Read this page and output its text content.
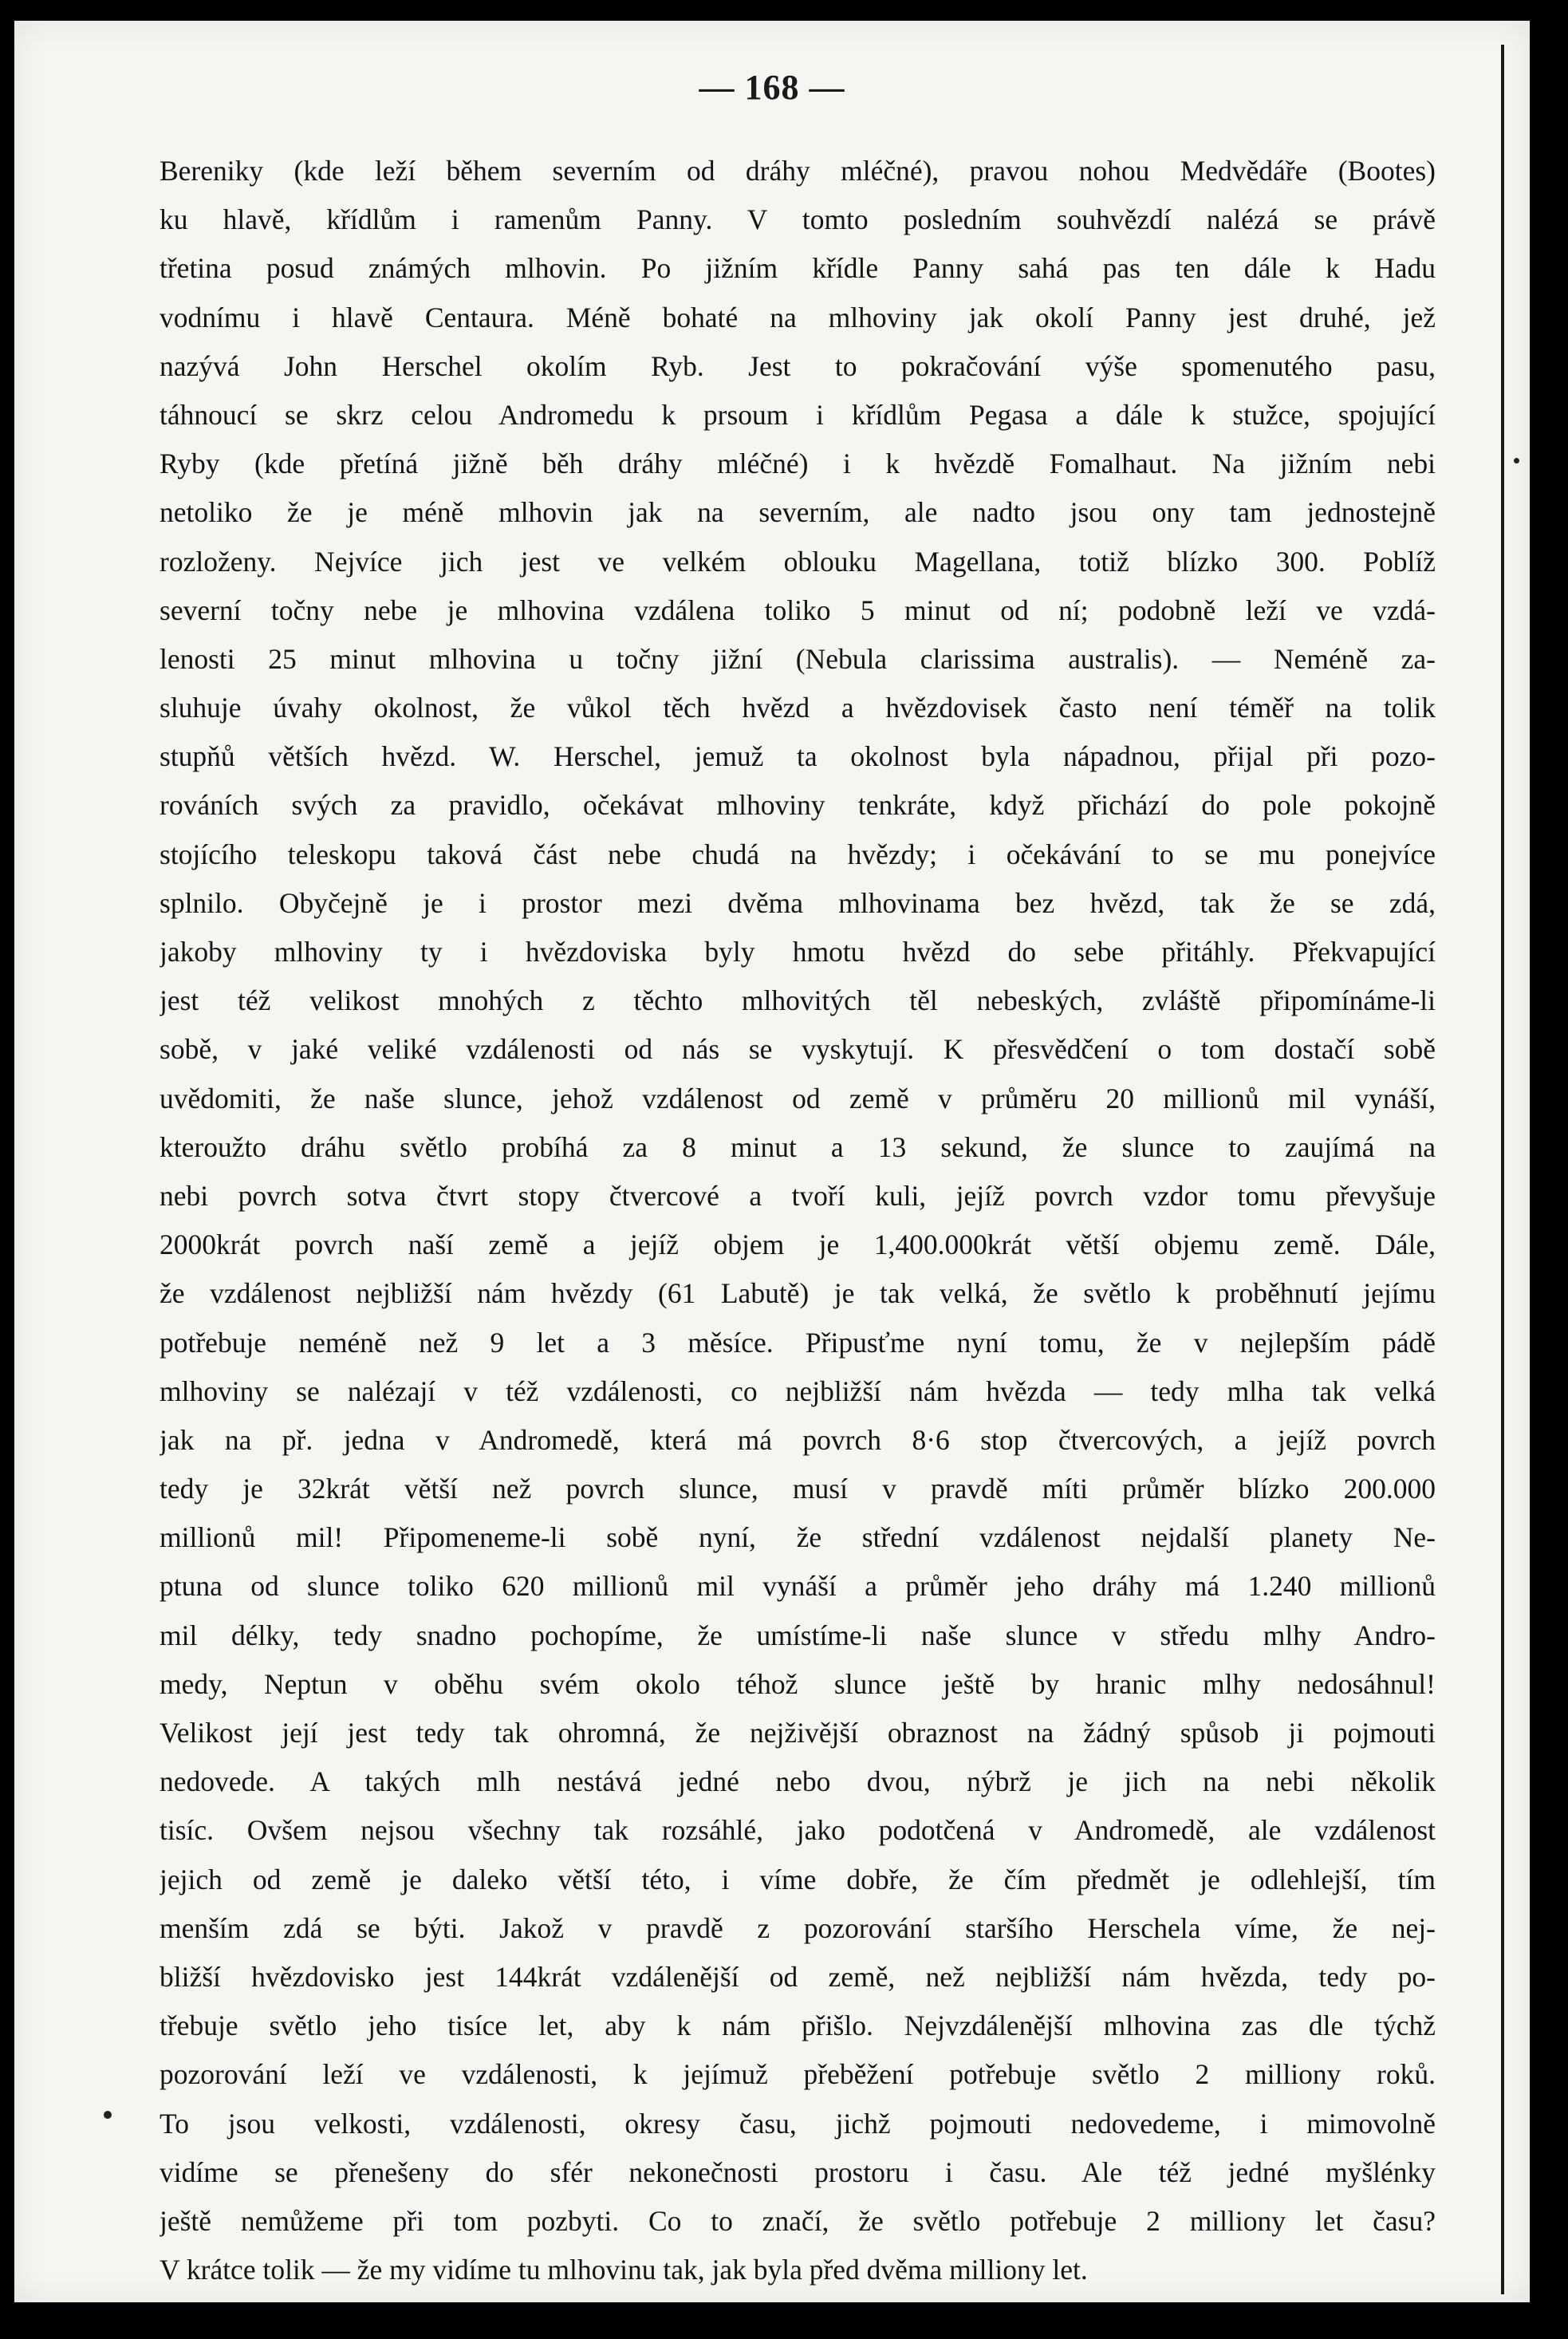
— 168 —
Bereniky (kde leží během severním od dráhy mléčné), pravou nohou Medvědáře (Bootes)
ku hlavě, křídlům i ramenům Panny. V tomto posledním souhvězdí nalézá se právě
třetina posud známých mlhovin. Po jižním křídle Panny sahá pas ten dále k Hadu
vodnímu i hlavě Centaura. Méně bohaté na mlhoviny jak okolí Panny jest druhé, jež
nazývá John Herschel okolím Ryb. Jest to pokračování výše spomenutého pasu,
táhnoucí se skrz celou Andromedu k prsoum i křídlům Pegasa a dále k stužce, spojující
Ryby (kde přetíná jižně běh dráhy mléčné) i k hvězdě Fomalhaut. Na jižním nebi
netoliko že je méně mlhovin jak na severním, ale nadto jsou ony tam jednostejně
rozloženy. Nejvíce jich jest ve velkém oblouku Magellana, totiž blízko 300. Poblíž
severní točny nebe je mlhovina vzdálena toliko 5 minut od ní; podobně leží ve vzdá-
lenosti 25 minut mlhovina u točny jižní (Nebula clarissima australis). — Neméně za-
sluhuje úvahy okolnost, že vůkol těch hvězd a hvězdovisek často není téměř na tolik
stupňů větších hvězd. W. Herschel, jemuž ta okolnost byla nápadnou, přijal při pozo-
rováních svých za pravidlo, očekávat mlhoviny tenkráte, když přichází do pole pokojně
stojícího teleskopu taková část nebe chudá na hvězdy; i očekávání to se mu ponejvíce
splnilo. Obyčejně je i prostor mezi dvěma mlhovinama bez hvězd, tak že se zdá,
jakoby mlhoviny ty i hvězdoviska byly hmotu hvězd do sebe přitáhly. Překvapující
jest též velikost mnohých z těchto mlhovitých těl nebeských, zvláště připomínáme-li
sobě, v jaké veliké vzdálenosti od nás se vyskytují. K přesvědčení o tom dostačí sobě
uvědomiti, že naše slunce, jehož vzdálenost od země v průměru 20 millionů mil vynáší,
kteroužto dráhu světlo probíhá za 8 minut a 13 sekund, že slunce to zaujímá na
nebi povrch sotva čtvrt stopy čtvercové a tvoří kuli, jejíž povrch vzdor tomu převyšuje
2000krát povrch naší země a jejíž objem je 1,400.000krát větší objemu země. Dále,
že vzdálenost nejbližší nám hvězdy (61 Labutě) je tak velká, že světlo k proběhnutí jejímu
potřebuje neméně než 9 let a 3 měsíce. Připusťme nyní tomu, že v nejlepším pádě
mlhoviny se nalézají v též vzdálenosti, co nejbližší nám hvězda — tedy mlha tak velká
jak na př. jedna v Andromedě, která má povrch 8·6 stop čtvercových, a jejíž povrch
tedy je 32krát větší než povrch slunce, musí v pravdě míti průměr blízko 200.000
millionů mil! Připomeneme-li sobě nyní, že střední vzdálenost nejdalší planety Ne-
ptuna od slunce toliko 620 millionů mil vynáší a průměr jeho dráhy má 1.240 millionů
mil délky, tedy snadno pochopíme, že umístíme-li naše slunce v středu mlhy Andro-
medy, Neptun v oběhu svém okolo téhož slunce ještě by hranic mlhy nedosáhnul!
Velikost její jest tedy tak ohromná, že nejživější obraznost na žádný spůsob ji pojmouti
nedovede. A takých mlh nestává jedné nebo dvou, nýbrž je jich na nebi několik
tisíc. Ovšem nejsou všechny tak rozsáhlé, jako podotčená v Andromedě, ale vzdálenost
jejich od země je daleko větší této, i víme dobře, že čím předmět je odlehlejší, tím
menším zdá se býti. Jakož v pravdě z pozorování staršího Herschela víme, že nej-
bližší hvězdovisko jest 144krát vzdálenější od země, než nejbližší nám hvězda, tedy po-
třebuje světlo jeho tisíce let, aby k nám přišlo. Nejvzdálenější mlhovina zas dle týchž
pozorování leží ve vzdálenosti, k jejímuž přeběžení potřebuje světlo 2 milliony roků.
To jsou velkosti, vzdálenosti, okresy času, jichž pojmouti nedovedeme, i mimovolně
vidíme se přenešeny do sfér nekonečnosti prostoru i času. Ale též jedné myšlénky
ještě nemůžeme při tom pozbyti. Co to značí, že světlo potřebuje 2 milliony let času?
V krátce tolik — že my vidíme tu mlhovinu tak, jak byla před dvěma milliony let.
